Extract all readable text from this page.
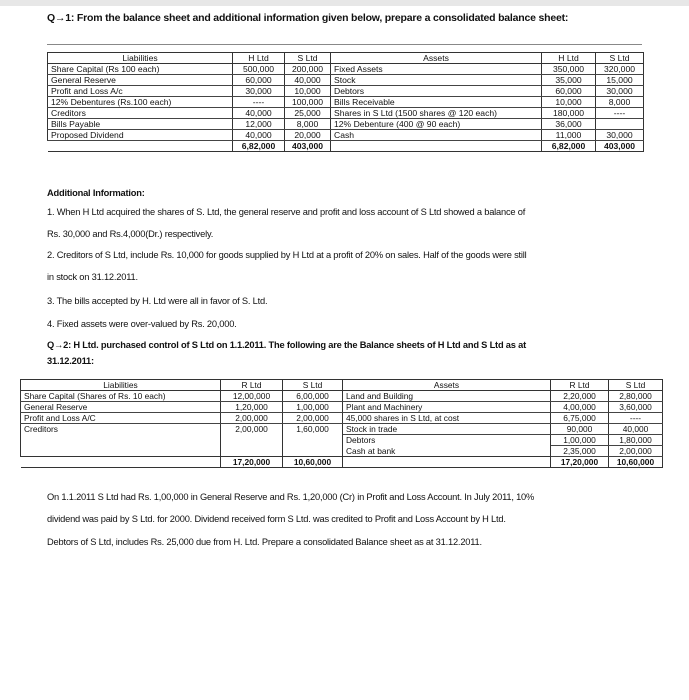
Q→1: From the balance sheet and additional information given below, prepare a consolidated balance sheet:
Liabilities	H Ltd	S Ltd	Assets	H Ltd	S Ltd
Share Capital (Rs 100 each)	500,000	200,000	Fixed Assets	350,000	320,000
General Reserve	60,000	40,000	Stock	35,000	15,000
Profit and Loss A/c	30,000	10,000	Debtors	60,000	30,000
12% Debentures (Rs.100 each)	----	100,000	Bills Receivable	10,000	8,000
Creditors	40,000	25,000	Shares in S Ltd (1500 shares @ 120 each)	180,000	----
Bills Payable	12,000	8,000	12% Debenture (400 @ 90 each)	36,000	
Proposed Dividend	40,000	20,000	Cash	11,000	30,000
	6,82,000	403,000		6,82,000	403,000
Additional Information:
1. When H Ltd acquired the shares of S. Ltd, the general reserve and profit and loss account of S Ltd showed a balance of
Rs. 30,000 and Rs.4,000(Dr.) respectively.
2. Creditors of S Ltd, include Rs. 10,000 for goods supplied by H Ltd at a profit of 20% on sales. Half of the goods were still
in stock on 31.12.2011.
3. The bills accepted by H. Ltd were all in favor of S. Ltd.
4. Fixed assets were over-valued by Rs. 20,000.
Q→2: H Ltd. purchased control of S Ltd on 1.1.2011. The following are the Balance sheets of H Ltd and S Ltd as at
31.12.2011:
Liabilities	R Ltd	S Ltd	Assets	R Ltd	S Ltd
Share Capital (Shares of Rs. 10 each)	12,00,000	6,00,000	Land and Building	2,20,000	2,80,000
General Reserve	1,20,000	1,00,000	Plant and Machinery	4,00,000	3,60,000
Profit and Loss A/C	2,00,000	2,00,000	45,000 shares in S Ltd, at cost	6,75,000	----
Creditors	2,00,000	1,60,000	Stock in trade	90,000	40,000
			Debtors	1,00,000	1,80,000
			Cash at bank	2,35,000	2,00,000
	17,20,000	10,60,000		17,20,000	10,60,000
On 1.1.2011 S Ltd had Rs. 1,00,000 in General Reserve and Rs. 1,20,000 (Cr) in Profit and Loss Account. In July 2011, 10%
dividend was paid by S Ltd. for 2000. Dividend received form S Ltd. was credited to Profit and Loss Account by H Ltd.
Debtors of S Ltd, includes Rs. 25,000 due from H. Ltd. Prepare a consolidated Balance sheet as at 31.12.2011.
